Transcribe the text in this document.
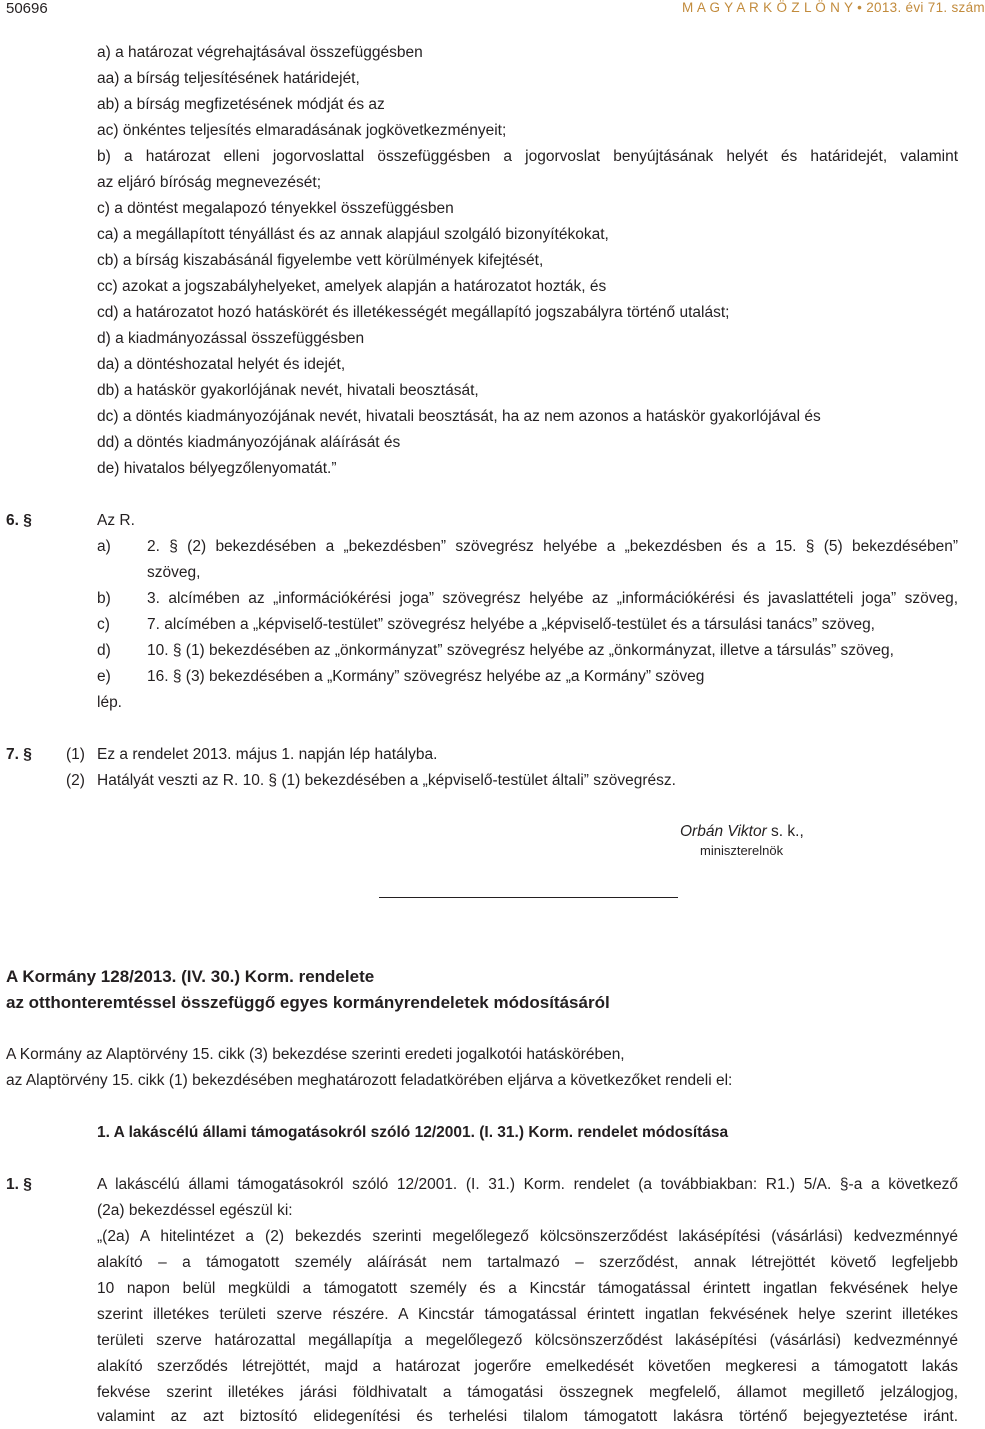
50696	M A G Y A R K Ö Z L Ö N Y • 2013. évi 71. szám
a) a határozat végrehajtásával összefüggésben
aa) a bírság teljesítésének határidejét,
ab) a bírság megfizetésének módját és az
ac) önkéntes teljesítés elmaradásának jogkövetkezményeit;
b) a határozat elleni jogorvoslattal összefüggésben a jogorvoslat benyújtásának helyét és határidejét, valamint
az eljáró bíróság megnevezését;
c) a döntést megalapozó tényekkel összefüggésben
ca) a megállapított tényállást és az annak alapjául szolgáló bizonyítékokat,
cb) a bírság kiszabásánál figyelembe vett körülmények kifejtését,
cc) azokat a jogszabályhelyeket, amelyek alapján a határozatot hozták, és
cd) a határozatot hozó hatáskörét és illetékességét megállapító jogszabályra történő utalást;
d) a kiadmányozással összefüggésben
da) a döntéshozatal helyét és idejét,
db) a hatáskör gyakorlójának nevét, hivatali beosztását,
dc) a döntés kiadmányozójának nevét, hivatali beosztását, ha az nem azonos a hatáskör gyakorlójával és
dd) a döntés kiadmányozójának aláírását és
de) hivatalos bélyegzőlenyomatát.”
6. §	Az R.
a) 2. § (2) bekezdésében a „bekezdésben” szövegrész helyébe a „bekezdésben és a 15. § (5) bekezdésében”
szöveg,
b) 3. alcímében az „információkérési joga” szövegrész helyébe az „információkérési és javaslattételi joga” szöveg,
c) 7. alcímében a „képviselő-testület” szövegrész helyébe a „képviselő-testület és a társulási tanács” szöveg,
d) 10. § (1) bekezdésében az „önkormányzat” szövegrész helyébe az „önkormányzat, illetve a társulás” szöveg,
e) 16. § (3) bekezdésében a „Kormány” szövegrész helyébe az „a Kormány” szöveg
lép.
7. § (1) Ez a rendelet 2013. május 1. napján lép hatályba.
(2) Hatályát veszti az R. 10. § (1) bekezdésében a „képviselő-testület általi” szövegrész.
Orbán Viktor s. k.,
miniszterelnök
A Kormány 128/2013. (IV. 30.) Korm. rendelete
az otthonteremtéssel összefüggő egyes kormányrendeletek módosításáról
A Kormány az Alaptörvény 15. cikk (3) bekezdése szerinti eredeti jogalkotói hatáskörében,
az Alaptörvény 15. cikk (1) bekezdésében meghatározott feladatkörében eljárva a következőket rendeli el:
1. A lakáscélú állami támogatásokról szóló 12/2001. (I. 31.) Korm. rendelet módosítása
1. §	A lakáscélú állami támogatásokról szóló 12/2001. (I. 31.) Korm. rendelet (a továbbiakban: R1.) 5/A. §-a a következő
(2a) bekezdéssel egészül ki:
„(2a) A hitelintézet a (2) bekezdés szerinti megelőlegező kölcsönszerződést lakásépítési (vásárlási) kedvezménnyé
alakító – a támogatott személy aláírását nem tartalmazó – szerződést, annak létrejöttét követő legfeljebb
10 napon belül megküldi a támogatott személy és a Kincstár támogatással érintett ingatlan fekvésének helye
szerint illetékes területi szerve részére. A Kincstár támogatással érintett ingatlan fekvésének helye szerint illetékes
területi szerve határozattal megállapítja a megelőlegező kölcsönszerződést lakásépítési (vásárlási) kedvezménnyé
alakító szerződés létrejöttét, majd a határozat jogerőre emelkedését követően megkeresi a támogatott lakás
fekvése szerint illetékes járási földhivatalt a támogatási összegnek megfelelő, államot megillető jelzálogjog,
valamint az azt biztosító elidegenítési és terhelési tilalom támogatott lakásra történő bejegyeztetése iránt.
